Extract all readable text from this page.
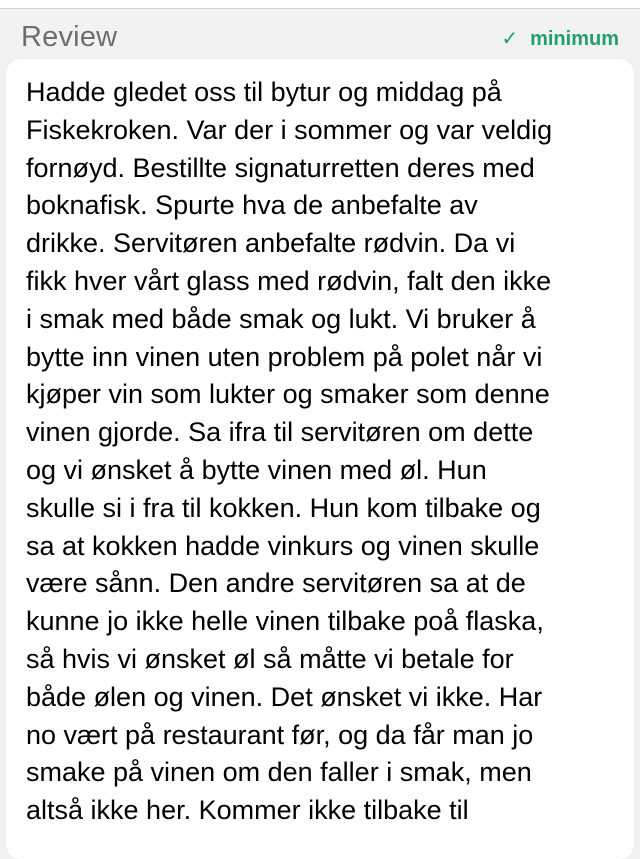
Review	✓ minimum

Hadde gledet oss til bytur og middag på
Fiskekroken. Var der i sommer og var veldig
fornøyd. Bestillte signaturretten deres med
boknafisk. Spurte hva de anbefalte av
drikke. Servitøren anbefalte rødvin. Da vi
fikk hver vårt glass med rødvin, falt den ikke
i smak med både smak og lukt. Vi bruker å
bytte inn vinen uten problem på polet når vi
kjøper vin som lukter og smaker som denne
vinen gjorde. Sa ifra til servitøren om dette
og vi ønsket å bytte vinen med øl. Hun
skulle si i fra til kokken. Hun kom tilbake og
sa at kokken hadde vinkurs og vinen skulle
være sånn. Den andre servitøren sa at de
kunne jo ikke helle vinen tilbake poå flaska,
så hvis vi ønsket øl så måtte vi betale for
både ølen og vinen. Det ønsket vi ikke. Har
no vært på restaurant før, og da får man jo
smake på vinen om den faller i smak, men
altså ikke her. Kommer ikke tilbake til
